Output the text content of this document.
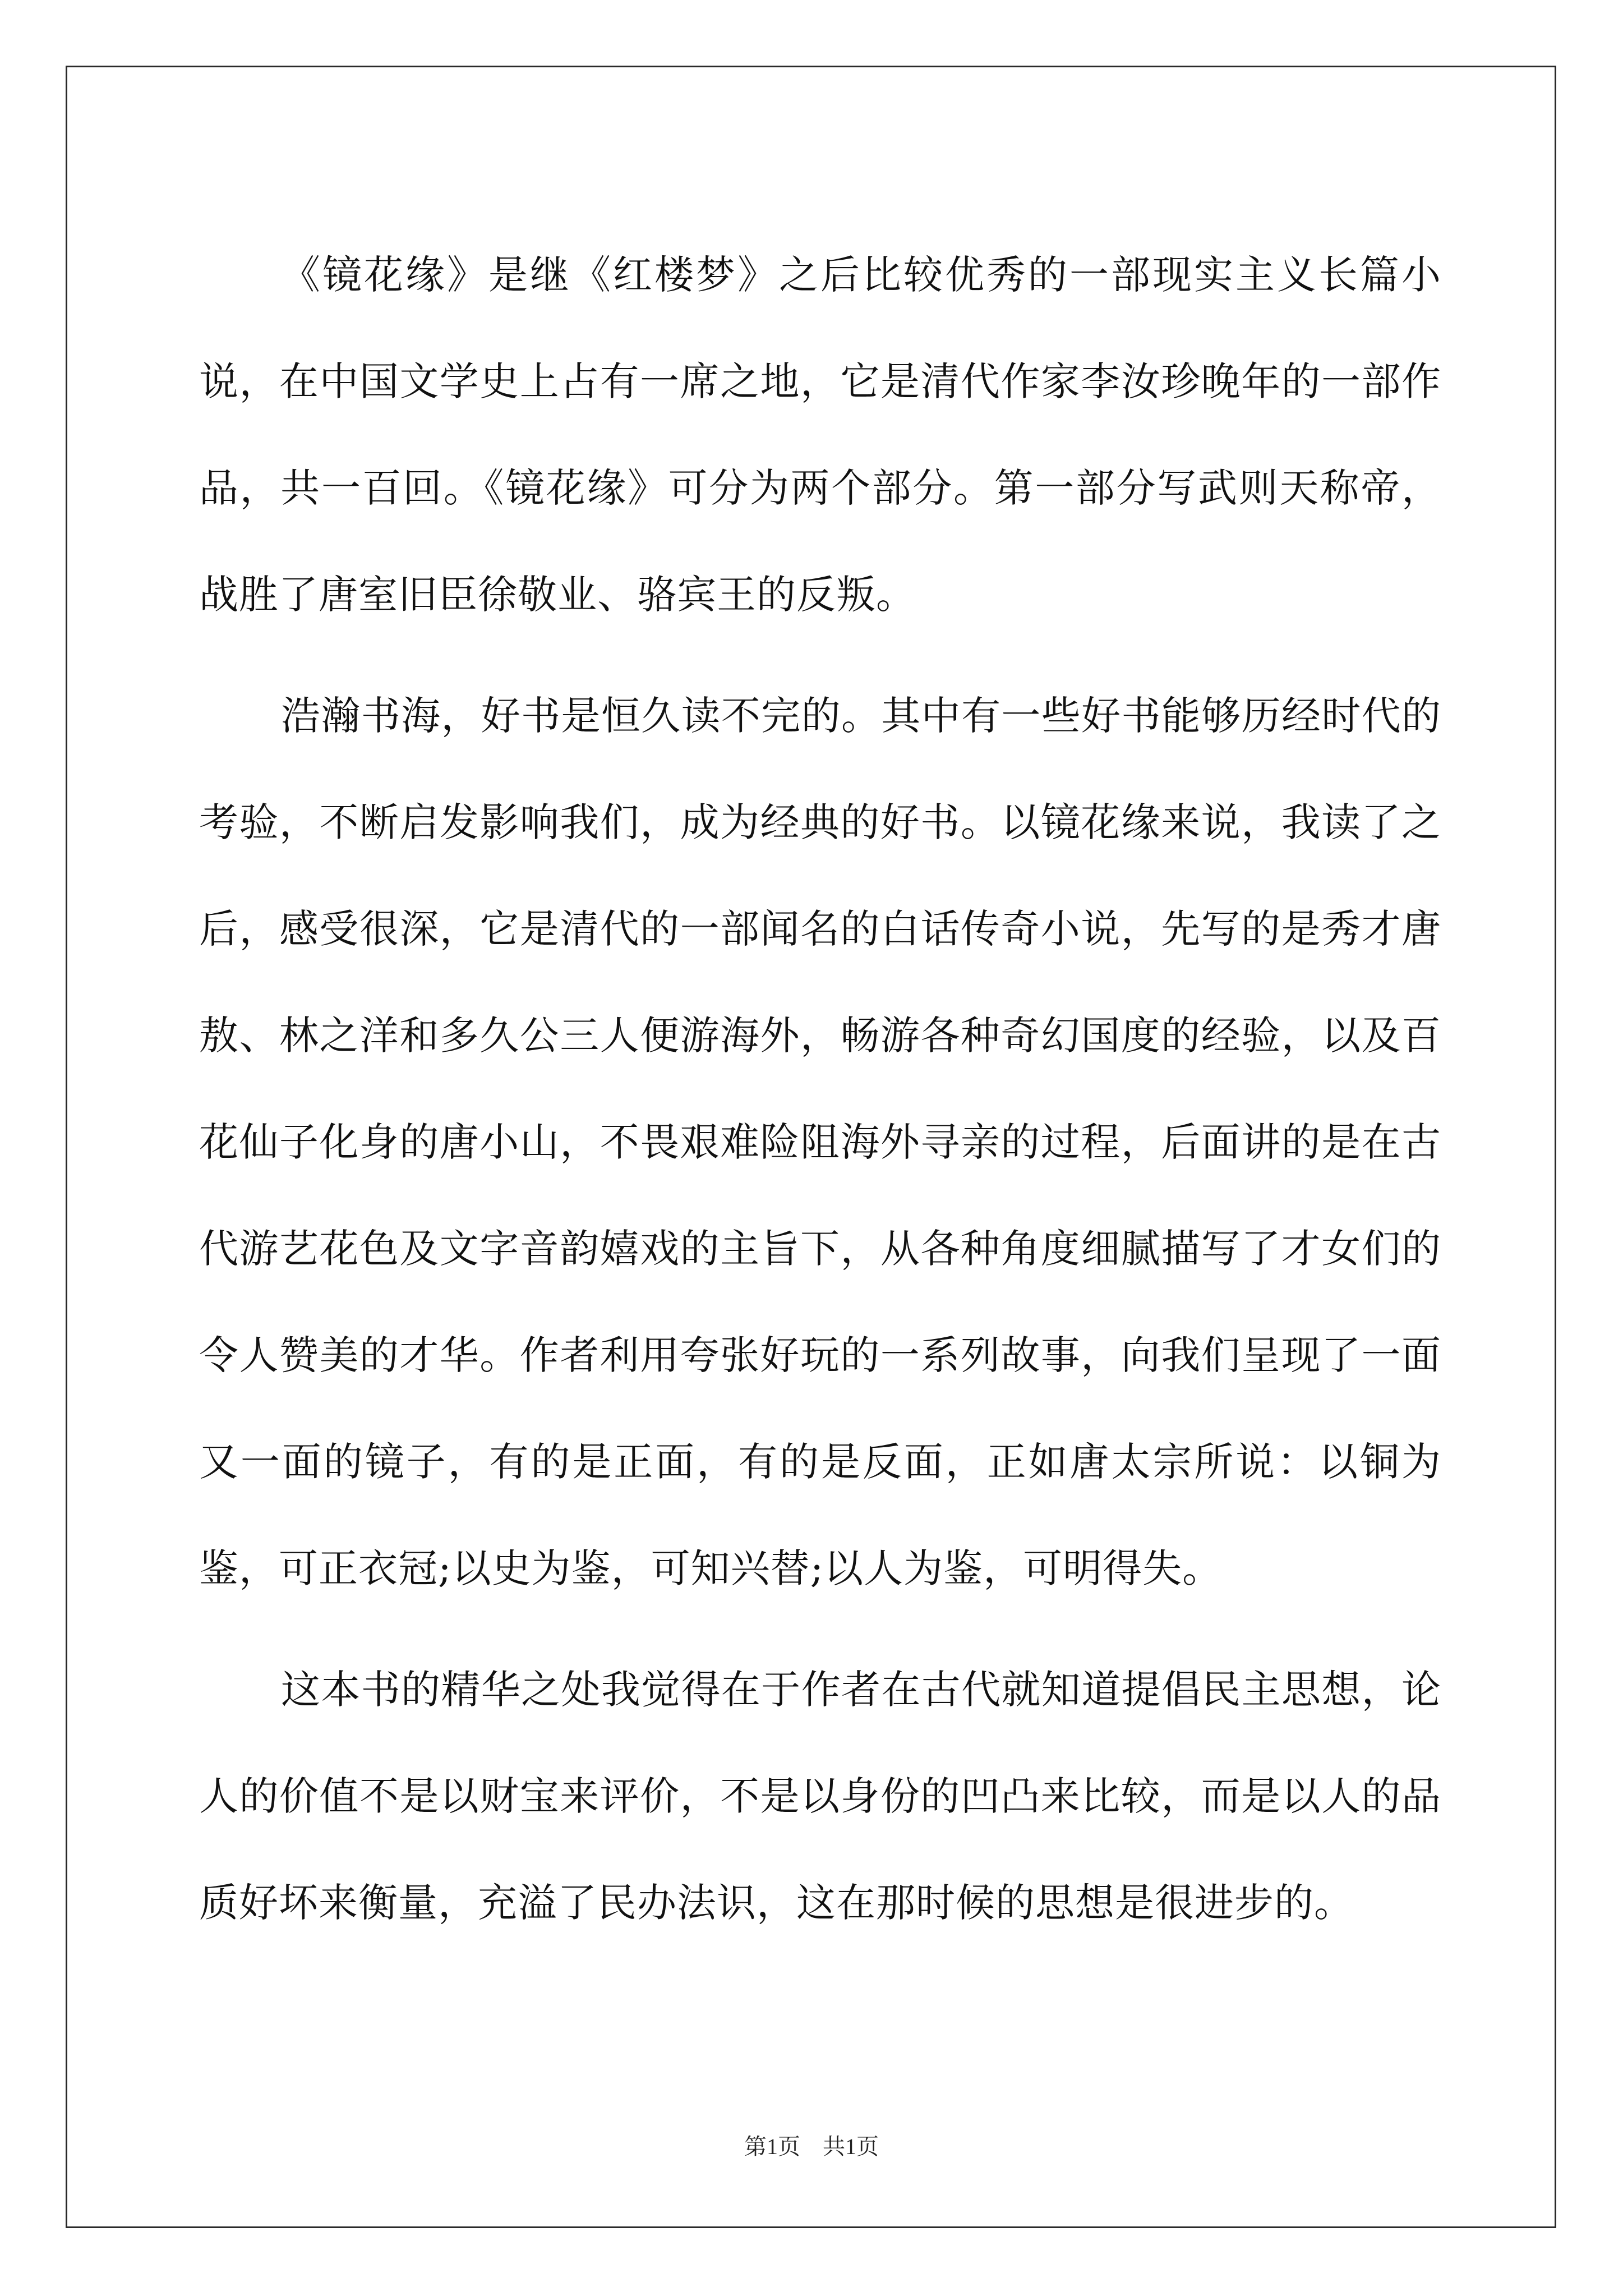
《镜花缘》是继《红楼梦》之后比较优秀的一部现实主义长篇小说，在中国文学史上占有一席之地，它是清代作家李汝珍晚年的一部作品，共一百回。《镜花缘》可分为两个部分。第一部分写武则天称帝，战胜了唐室旧臣徐敬业、骆宾王的反叛。

浩瀚书海，好书是恒久读不完的。其中有一些好书能够历经时代的考验，不断启发影响我们，成为经典的好书。以镜花缘来说，我读了之后，感受很深，它是清代的一部闻名的白话传奇小说，先写的是秀才唐敖、林之洋和多久公三人便游海外，畅游各种奇幻国度的经验，以及百花仙子化身的唐小山，不畏艰难险阻海外寻亲的过程，后面讲的是在古代游艺花色及文字音韵嬉戏的主旨下，从各种角度细腻描写了才女们的令人赞美的才华。作者利用夸张好玩的一系列故事，向我们呈现了一面又一面的镜子，有的是正面，有的是反面，正如唐太宗所说：以铜为鉴，可正衣冠;以史为鉴，可知兴替;以人为鉴，可明得失。

这本书的精华之处我觉得在于作者在古代就知道提倡民主思想，论人的价值不是以财宝来评价，不是以身份的凹凸来比较，而是以人的品质好坏来衡量，充溢了民办法识，这在那时候的思想是很进步的。

第1页    共1页
